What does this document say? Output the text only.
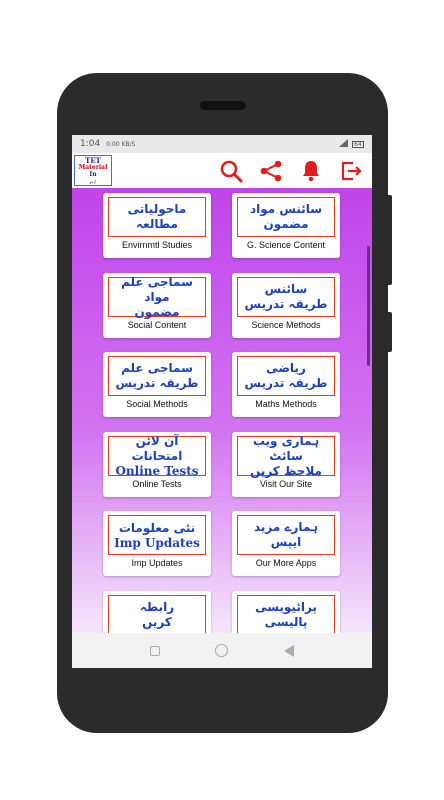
1:04 0.00 KB/S	64
TET
Material
In
اردو
ماحولیاتی
مطالعہ
Envirnmtl Studies
سائنس مواد
مضمون
G. Science Content
سماجی علم مواد
مضمون
Social Content
سائنس
طریقہ تدریس
Science Methods
سماجی علم
طریقہ تدریس
Social Methods
ریاضی
طریقہ تدریس
Maths Methods
آن لائن امتحانات
Online Tests
Online Tests
ہماری ویب سائٹ
ملاحظ کریں
Visit Our Site
نئی معلومات
Imp Updates
Imp Updates
ہمارے مزید
ایپس
Our More Apps
رابطہ
کریں
پرائیویسی
پالیسی
